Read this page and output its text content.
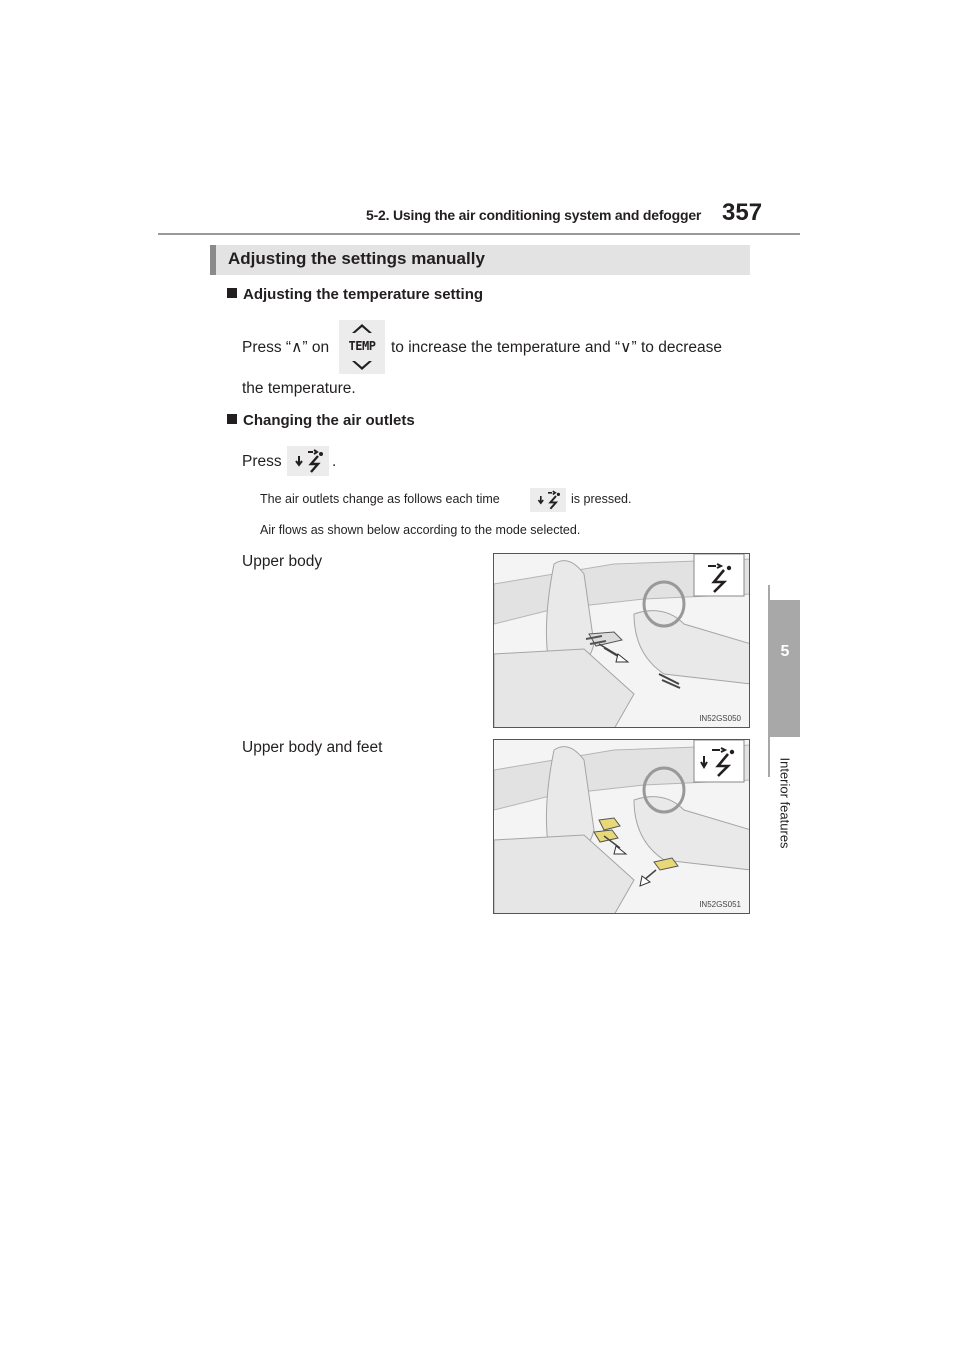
5-2. Using the air conditioning system and defogger 357
5
Interior features
Adjusting the settings manually
Adjusting the temperature setting
Press “∧” on	TEMP	to increase the temperature and “∨” to decrease
the temperature.
Changing the air outlets
Press	.
The air outlets change as follows each time	is pressed.
Air flows as shown below according to the mode selected.
Upper body
IN52GS050
Upper body and feet
IN52GS051
